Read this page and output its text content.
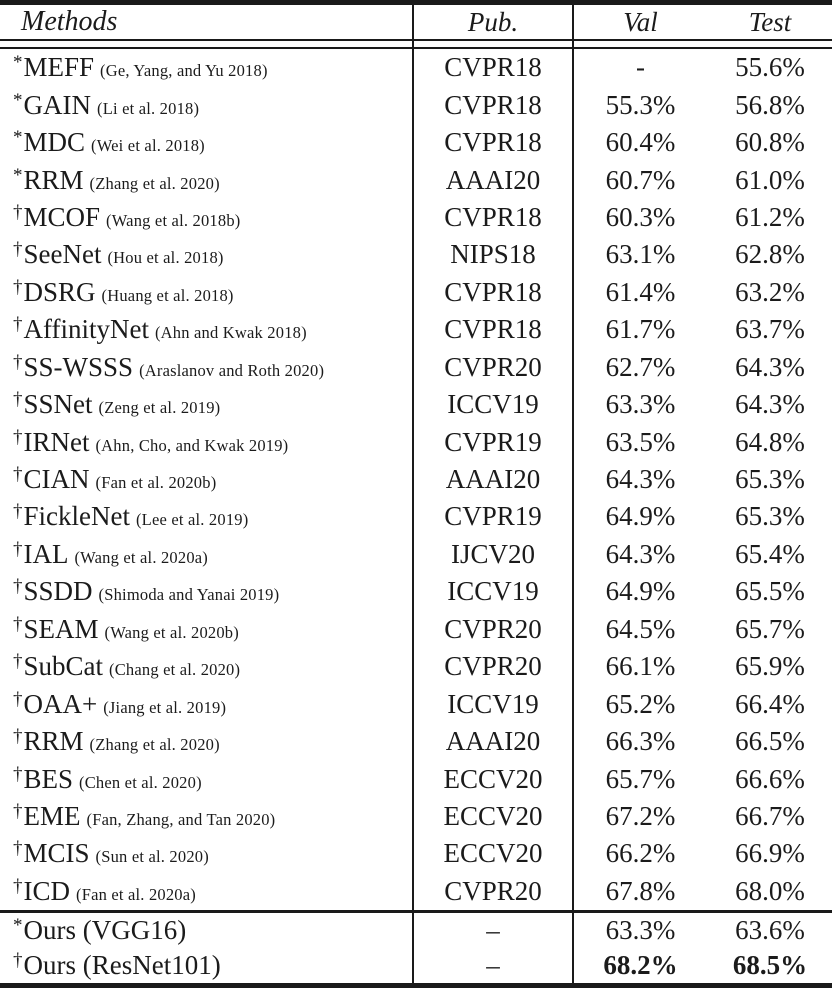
Methods	Pub.	Val	Test
*MEFF (Ge, Yang, and Yu 2018)	CVPR18	-	55.6%
*GAIN (Li et al. 2018)	CVPR18	55.3%	56.8%
*MDC (Wei et al. 2018)	CVPR18	60.4%	60.8%
*RRM (Zhang et al. 2020)	AAAI20	60.7%	61.0%
†MCOF (Wang et al. 2018b)	CVPR18	60.3%	61.2%
†SeeNet (Hou et al. 2018)	NIPS18	63.1%	62.8%
†DSRG (Huang et al. 2018)	CVPR18	61.4%	63.2%
†AffinityNet (Ahn and Kwak 2018)	CVPR18	61.7%	63.7%
†SS-WSSS (Araslanov and Roth 2020)	CVPR20	62.7%	64.3%
†SSNet (Zeng et al. 2019)	ICCV19	63.3%	64.3%
†IRNet (Ahn, Cho, and Kwak 2019)	CVPR19	63.5%	64.8%
†CIAN (Fan et al. 2020b)	AAAI20	64.3%	65.3%
†FickleNet (Lee et al. 2019)	CVPR19	64.9%	65.3%
†IAL (Wang et al. 2020a)	IJCV20	64.3%	65.4%
†SSDD (Shimoda and Yanai 2019)	ICCV19	64.9%	65.5%
†SEAM (Wang et al. 2020b)	CVPR20	64.5%	65.7%
†SubCat (Chang et al. 2020)	CVPR20	66.1%	65.9%
†OAA+ (Jiang et al. 2019)	ICCV19	65.2%	66.4%
†RRM (Zhang et al. 2020)	AAAI20	66.3%	66.5%
†BES (Chen et al. 2020)	ECCV20	65.7%	66.6%
†EME (Fan, Zhang, and Tan 2020)	ECCV20	67.2%	66.7%
†MCIS (Sun et al. 2020)	ECCV20	66.2%	66.9%
†ICD (Fan et al. 2020a)	CVPR20	67.8%	68.0%
*Ours (VGG16)	–	63.3%	63.6%
†Ours (ResNet101)	–	68.2%	68.5%
